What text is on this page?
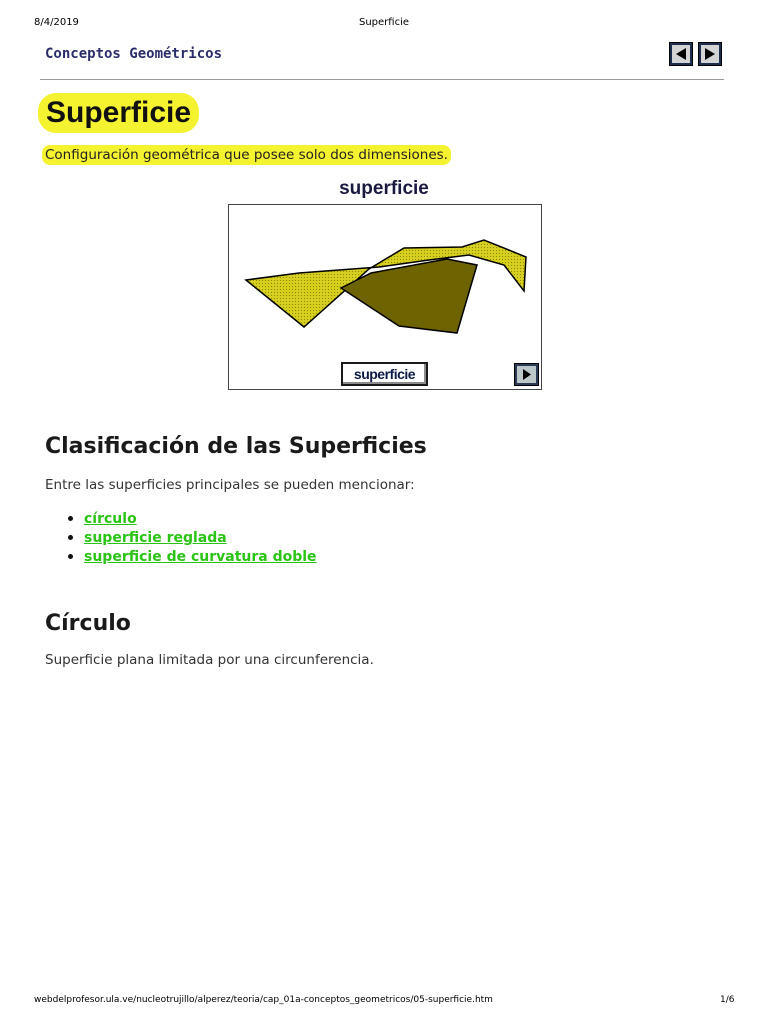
8/4/2019	Superficie
Conceptos Geométricos
Superficie
Configuración geométrica que posee solo dos dimensiones.
superficie
superficie
Clasificación de las Superficies
Entre las superficies principales se pueden mencionar:
círculo
superficie reglada
superficie de curvatura doble
Círculo
Superficie plana limitada por una circunferencia.
webdelprofesor.ula.ve/nucleotrujillo/alperez/teoria/cap_01a-conceptos_geometricos/05-superficie.htm	1/6
